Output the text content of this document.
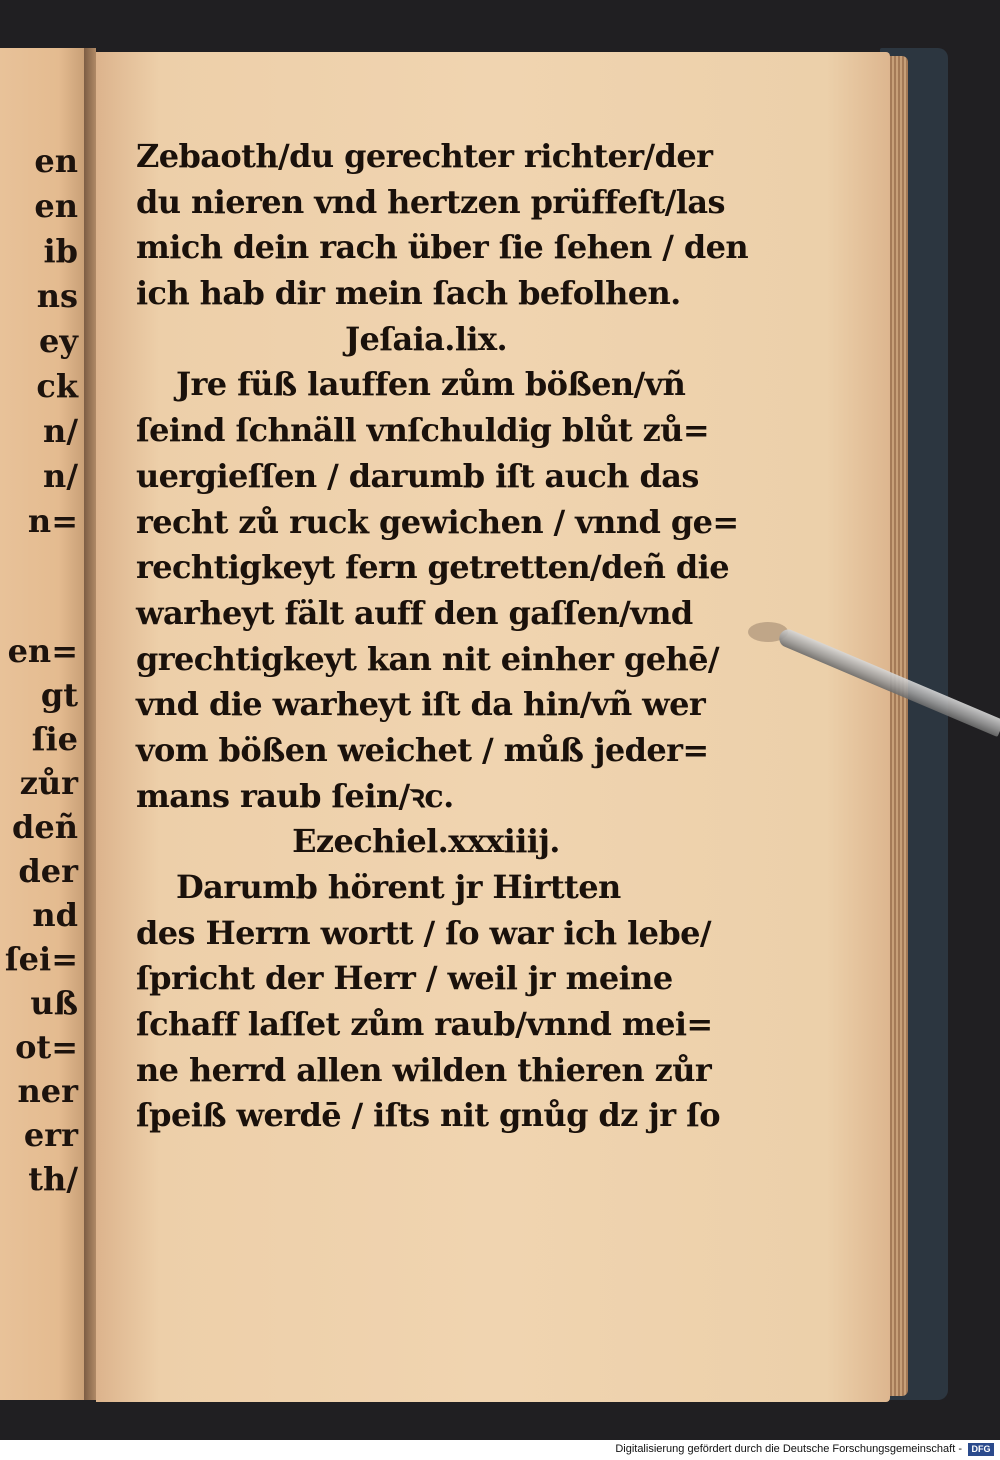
en
en
ib
ns
ey
ck
n/
n/
n=
en=
gt
ſie
zůr
deñ
der
nd
ſei=
uß
ot=
ner
err
th/
Zebaoth/du gerechter richter/der
du nieren vnd hertzen prüffeſt/las
mich dein rach über ſie ſehen / den
ich hab dir mein ſach befolhen.
Jeſaia.lix.
Jre füß lauffen zům bößen/vñ
ſeind ſchnäll vnſchuldig blůt zů=
uergieſſen / darumb iſt auch das
recht zů ruck gewichen / vnnd ge=
rechtigkeyt fern getretten/deñ die
warheyt fält auff den gaſſen/vnd
grechtigkeyt kan nit einher gehē/
vnd die warheyt iſt da hin/vñ wer
vom bößen weichet / můß jeder=
mans raub ſein/ꝛc.
Ezechiel.xxxiiij.
Darumb hörent jr Hirtten
des Herrn wortt / ſo war ich lebe/
ſpricht der Herr / weil jr meine
ſchaff laſſet zům raub/vnnd mei=
ne herrd allen wilden thieren zůr
ſpeiß werdē / iſts nit gnůg dz jr ſo
Digitalisierung gefördert durch die Deutsche Forschungsgemeinschaft -	DFG
